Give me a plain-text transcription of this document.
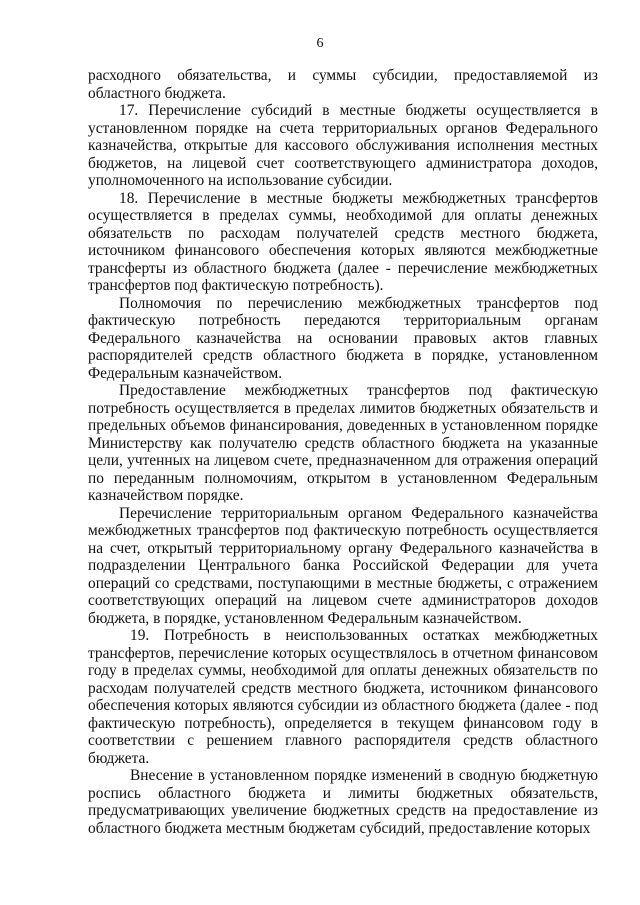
6

расходного обязательства, и суммы субсидии, предоставляемой из областного бюджета.

17. Перечисление субсидий в местные бюджеты осуществляется в установленном порядке на счета территориальных органов Федерального казначейства, открытые для кассового обслуживания исполнения местных бюджетов, на лицевой счет соответствующего администратора доходов, уполномоченного на использование субсидии.

18. Перечисление в местные бюджеты межбюджетных трансфертов осуществляется в пределах суммы, необходимой для оплаты денежных обязательств по расходам получателей средств местного бюджета, источником финансового обеспечения которых являются межбюджетные трансферты из областного бюджета (далее - перечисление межбюджетных трансфертов под фактическую потребность).

Полномочия по перечислению межбюджетных трансфертов под фактическую потребность передаются территориальным органам Федерального казначейства на основании правовых актов главных распорядителей средств областного бюджета в порядке, установленном Федеральным казначейством.

Предоставление межбюджетных трансфертов под фактическую потребность осуществляется в пределах лимитов бюджетных обязательств и предельных объемов финансирования, доведенных в установленном порядке Министерству как получателю средств областного бюджета на указанные цели, учтенных на лицевом счете, предназначенном для отражения операций по переданным полномочиям, открытом в установленном Федеральным казначейством порядке.

Перечисление территориальным органом Федерального казначейства межбюджетных трансфертов под фактическую потребность осуществляется на счет, открытый территориальному органу Федерального казначейства в подразделении Центрального банка Российской Федерации для учета операций со средствами, поступающими в местные бюджеты, с отражением соответствующих операций на лицевом счете администраторов доходов бюджета, в порядке, установленном Федеральным казначейством.

19. Потребность в неиспользованных остатках межбюджетных трансфертов, перечисление которых осуществлялось в отчетном финансовом году в пределах суммы, необходимой для оплаты денежных обязательств по расходам получателей средств местного бюджета, источником финансового обеспечения которых являются субсидии из областного бюджета (далее - под фактическую потребность), определяется в текущем финансовом году в соответствии с решением главного распорядителя средств областного бюджета.

Внесение в установленном порядке изменений в сводную бюджетную роспись областного бюджета и лимиты бюджетных обязательств, предусматривающих увеличение бюджетных средств на предоставление из областного бюджета местным бюджетам субсидий, предоставление которых
